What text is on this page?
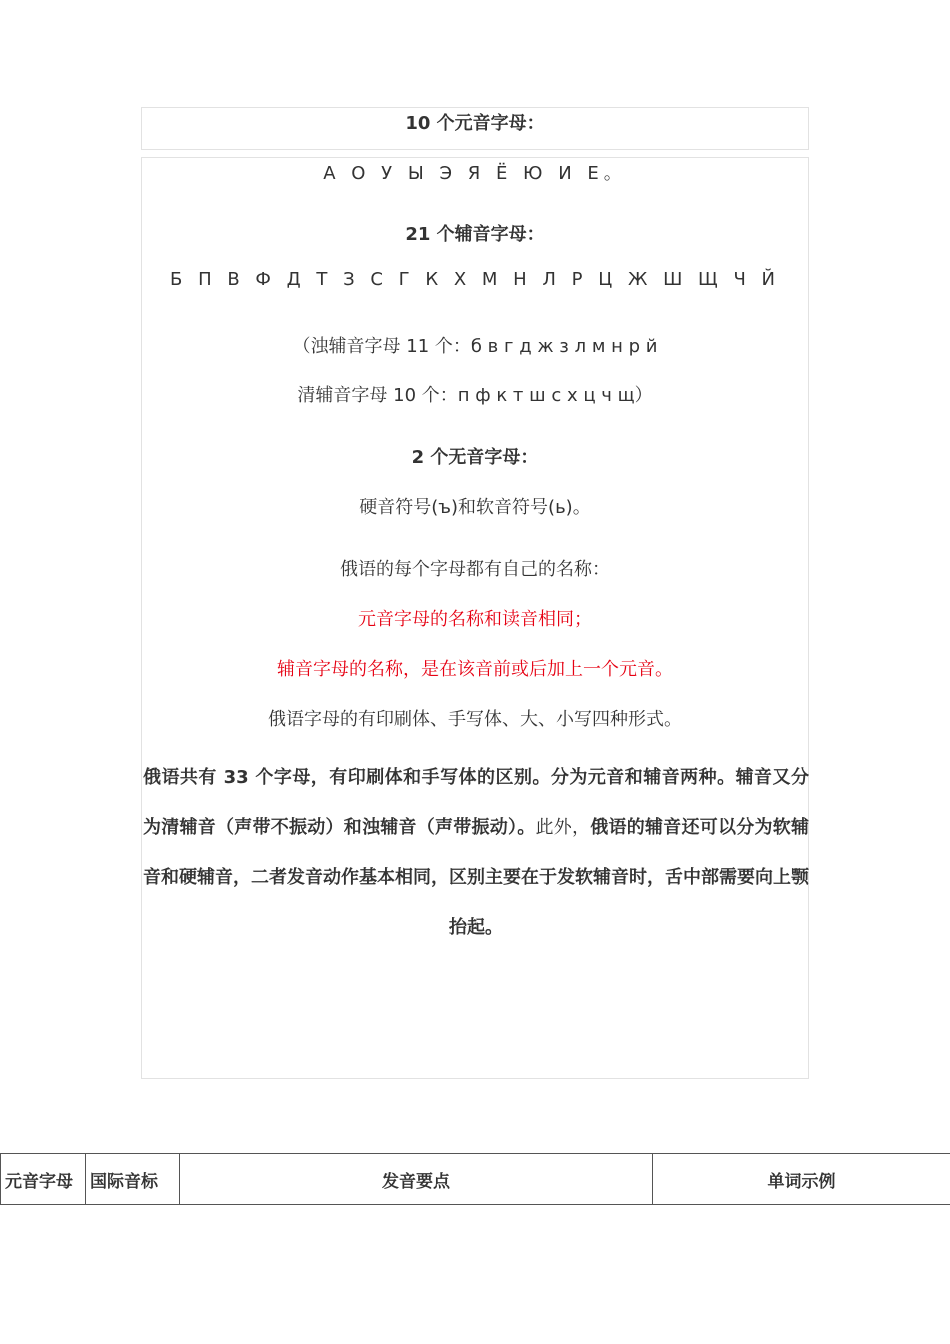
10 个元音字母：
А О У Ы Э Я Ё Ю И Е。
21 个辅音字母：
Б П В Ф Д Т З С Г К Х М Н Л Р Ц Ж Ш Щ Ч Й
（浊辅音字母 11 个：б в г д ж з л м н р й
清辅音字母 10 个：п ф к т ш с х ц ч щ）
2 个无音字母：
硬音符号(ъ)和软音符号(ь)。
俄语的每个字母都有自己的名称：
元音字母的名称和读音相同；
辅音字母的名称，是在该音前或后加上一个元音。
俄语字母的有印刷体、手写体、大、小写四种形式。
俄语共有 33 个字母，有印刷体和手写体的区别。分为元音和辅音两种。辅音又分为清辅音（声带不振动）和浊辅音（声带振动）。此外，俄语的辅音还可以分为软辅音和硬辅音，二者发音动作基本相同，区别主要在于发软辅音时，舌中部需要向上颚抬起。
元音字母	国际音标	发音要点	单词示例
